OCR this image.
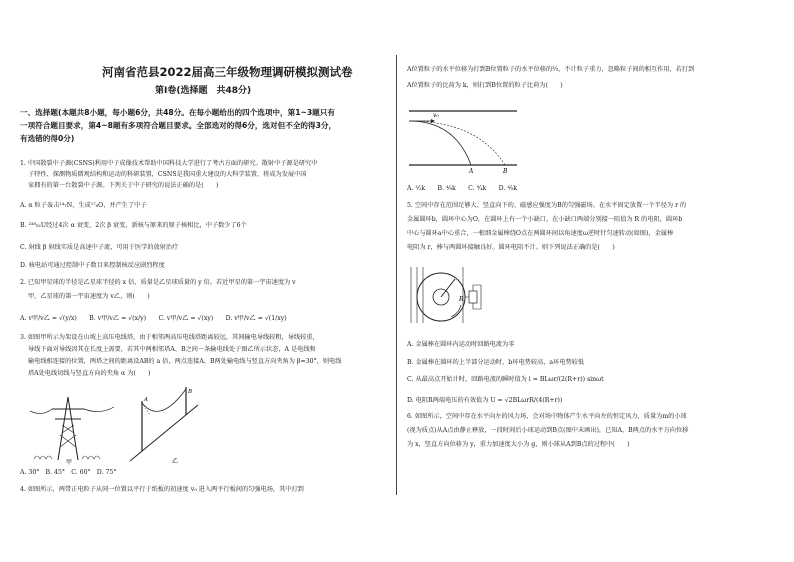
河南省范县2022届高三年级物理调研模拟测试卷
第Ⅰ卷(选择题　共48分)
一、选择题(本题共8小题，每小题6分，共48分。在每小题给出的四个选项中，第1~3题只有
一项符合题目要求，第4~8题有多项符合题目要求。全部选对的得6分，选对但不全的得3分，
有选错的得0分)
1. 中国散裂中子源(CSNS)利用中子成像技术帮助中国科技大学进行了考古方面的研究。散射中子源是研究中
子特性、探测物质微观结构和运动的科研装置，CSNS是我国重大建设的大科学装置，将成为发展中国
家拥有的第一台散裂中子源。下列关于中子研究的说法正确的是(　　)
A. α 粒子轰击¹⁴₇N，生成¹⁷₈O，并产生了中子
B. ²³⁸₉₂U经过4次 α 衰变，2次 β 衰变，新核与原来的原子核相比，中子数少了6个
C. 射线 β 射线实质是高速中子流，可用于医学的放射治疗
D. 核电站可通过控制中子数目来控制核反应剧烈程度
2. 已知甲星球的半径是乙星球半径的 x 倍，质量是乙星球质量的 y 倍。若近甲星的第一宇宙速度为 v
甲，乙星球的第一宇宙速度为 v乙，则(　　)
A. v甲/v乙 = √(y/x)　　B. v甲/v乙 = √(x/y)　　C. v甲/v乙 = √(xy)　　D. v甲/v乙 = √(1/xy)
3. 如图甲所示为架设在山坡上高压电线塔，由于相邻两高压电线塔距离较远，其间输电导线较粗，导线较重，
导线下面对导线因其在长度上需要，若其中两相邻塔A、B之间一条输电线处于图乙所示状态，A 是电线和
输电线相连接的位置，两塔之间的距离设AB的 a 倍，两点连接A、B两处输电线与竖直方向夹角为 β=30°，则电线
塔A处电线切线与竖直方向的夹角 α 为(　　)
甲
A
B
乙
A. 30°　B. 45°　C. 60°　D. 75°
4. 如图所示，两带正电粒子从同一位置以平行于纸板的初速度 v₀ 进入两平行板间的匀强电场，其中打到
A位置粒子的水平位移为打到B位置粒子的水平位移的⅔，不计粒子重力，忽略粒子间的相互作用，若打到
A位置粒子的比荷为 k，则打到B位置的粒子比荷为(　　)
v₀
A	B
A. ³⁄₂k　　B. ⁴⁄₉k　　C. ⁹⁄₄k　　D. ⁴⁄₉k
5. 空间中存在范围足够大、竖直向下的、磁感应强度为B的匀强磁场。在水平固定放置一个半径为 r 的
金属圆环b，圆环中心为O，在圆环上有一个小缺口，在小缺口两端分别接一阻值为 R 的电阻，圆环b
中心与圆环a中心重合，一根细金属棒绕O点在两圆环间以角速度ω逆时针匀速转动(如图)，金属棒
电阻为 r，棒与两圆环接触良好。圆环电阻不计。则下列说法正确的是(　　)
R
A. 金属棒在圆环内运动时回路电流为零
B. 金属棒在圆环的上半部分运动时，b环电势较高，a环电势较低
C. 从最高点开始计时，回路电流的瞬时值为 i = BLωr/(2(R+r)) sinωt
D. 电阻R两端电压的有效值为 U = √2BLωrR/(4(R+r))
6. 如图所示，空间中存在水平向左的风力场，会对场中物体产生水平向左的恒定风力，质量为m的小球
(视为质点)从A点由静止释放，一段时间后小球运动到B点(图中未画出)，已知A、B两点的水平方向位移
为 x，竖直方向位移为 y，重力加速度大小为 g，则小球从A到B点的过程中(　　)
